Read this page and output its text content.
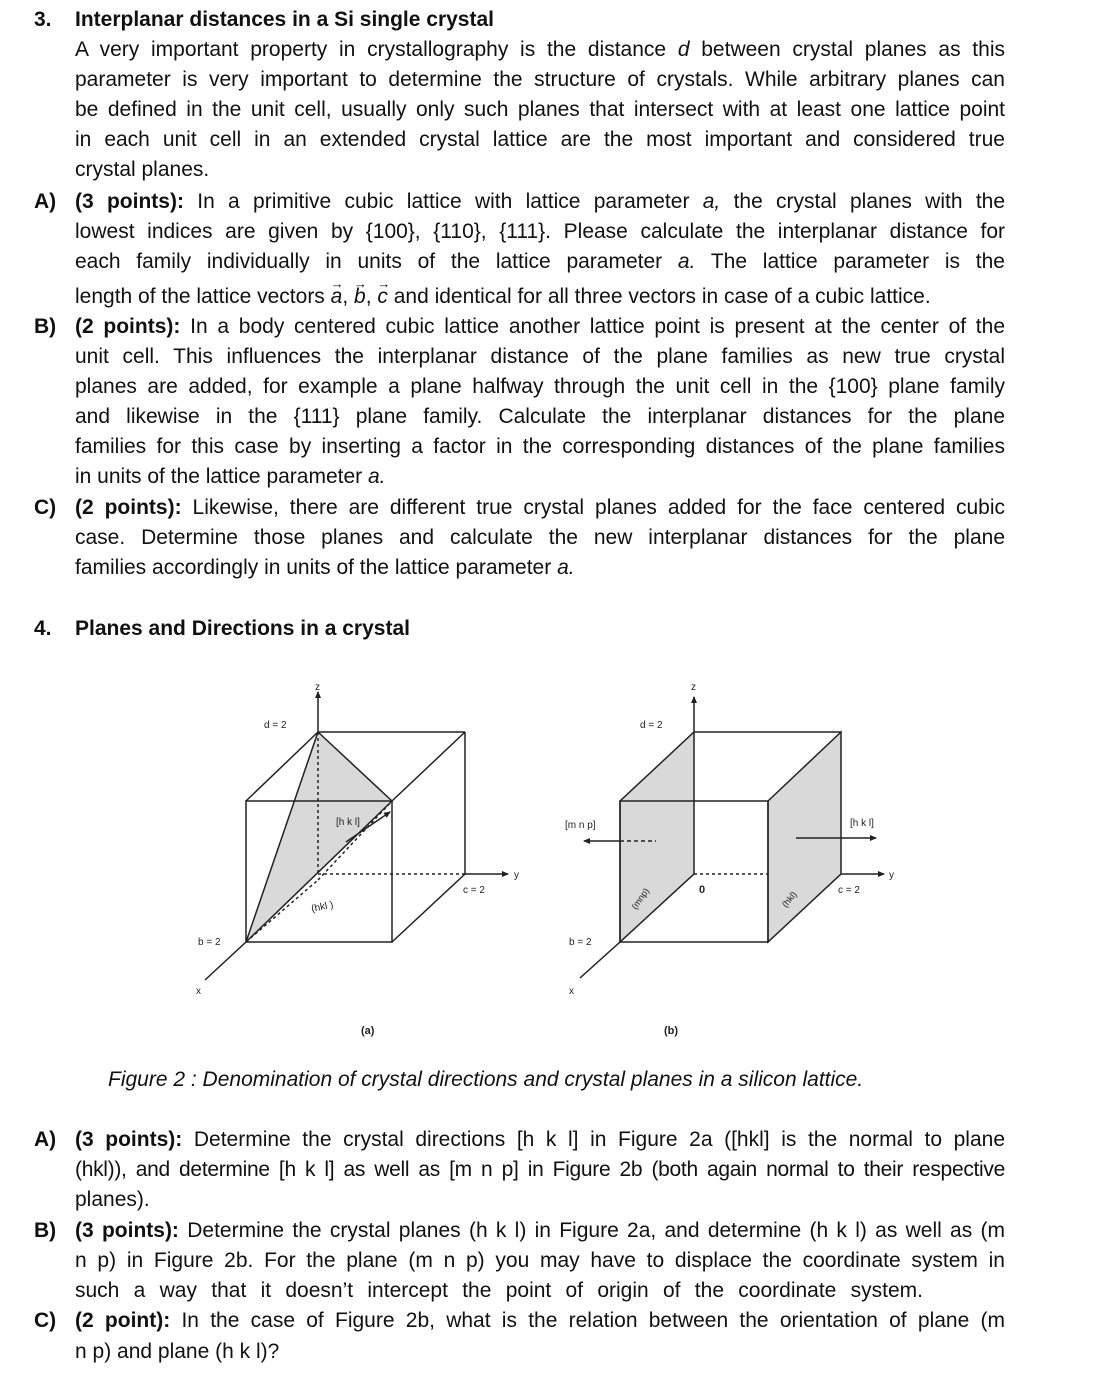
3. Interplanar distances in a Si single crystal
A very important property in crystallography is the distance d between crystal planes as this
parameter is very important to determine the structure of crystals. While arbitrary planes can
be defined in the unit cell, usually only such planes that intersect with at least one lattice point
in each unit cell in an extended crystal lattice are the most important and considered true
crystal planes.
A) (3 points): In a primitive cubic lattice with lattice parameter a, the crystal planes with the
lowest indices are given by {100}, {110}, {111}. Please calculate the interplanar distance for
each family individually in units of the lattice parameter a. The lattice parameter is the
length of the lattice vectors → a, → b, → c and identical for all three vectors in case of a cubic lattice.
B) (2 points): In a body centered cubic lattice another lattice point is present at the center of the
unit cell. This influences the interplanar distance of the plane families as new true crystal
planes are added, for example a plane halfway through the unit cell in the {100} plane family
and likewise in the {111} plane family. Calculate the interplanar distances for the plane
families for this case by inserting a factor in the corresponding distances of the plane families
in units of the lattice parameter a.
C) (2 points): Likewise, there are different true crystal planes added for the face centered cubic
case. Determine those planes and calculate the new interplanar distances for the plane
families accordingly in units of the lattice parameter a.
4. Planes and Directions in a crystal
z
d = 2
[h k l]
(hkl )
c = 2
y
b = 2
x
(a)
z
d = 2
[m n p]	[h k l]
(mnp)	(hkl)
0	c = 2
y
b = 2
x
(b)
Figure 2 : Denomination of crystal directions and crystal planes in a silicon lattice.
A) (3 points): Determine the crystal directions [h k l] in Figure 2a ([hkl] is the normal to plane
(hkl)), and determine [h k l] as well as [m n p] in Figure 2b (both again normal to their respective
planes).
B) (3 points): Determine the crystal planes (h k l) in Figure 2a, and determine (h k l) as well as (m
n p) in Figure 2b. For the plane (m n p) you may have to displace the coordinate system in
such a way that it doesn’t intercept the point of origin of the coordinate system.
C) (2 point): In the case of Figure 2b, what is the relation between the orientation of plane (m
n p) and plane (h k l)?
